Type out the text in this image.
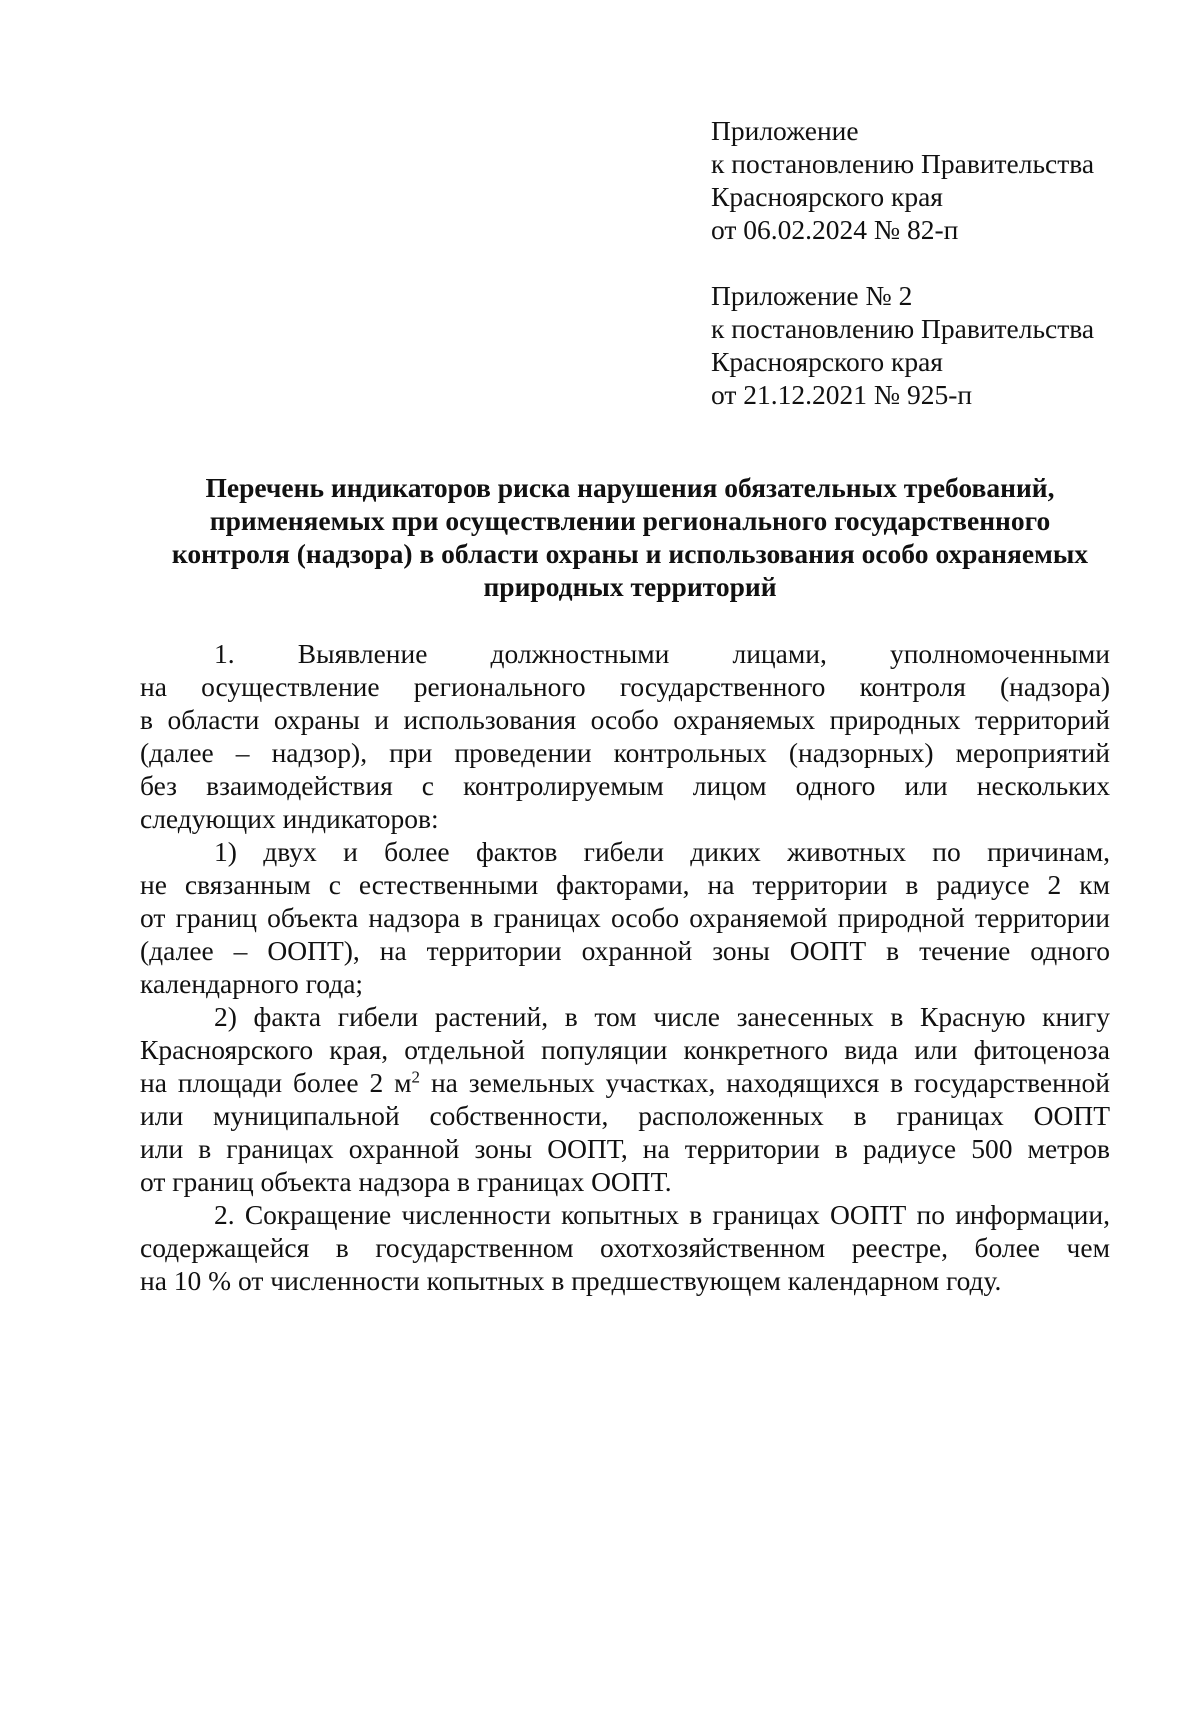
Приложение
к постановлению Правительства
Красноярского края
от 06.02.2024 № 82-п
Приложение № 2
к постановлению Правительства
Красноярского края
от 21.12.2021 № 925-п
Перечень индикаторов риска нарушения обязательных требований,
применяемых при осуществлении регионального государственного
контроля (надзора) в области охраны и использования особо охраняемых
природных территорий
1. Выявление должностными лицами, уполномоченными
на осуществление регионального государственного контроля (надзора)
в области охраны и использования особо охраняемых природных территорий
(далее – надзор), при проведении контрольных (надзорных) мероприятий
без взаимодействия с контролируемым лицом одного или нескольких
следующих индикаторов:
1) двух и более фактов гибели диких животных по причинам,
не связанным с естественными факторами, на территории в радиусе 2 км
от границ объекта надзора в границах особо охраняемой природной территории
(далее – ООПТ), на территории охранной зоны ООПТ в течение одного
календарного года;
2) факта гибели растений, в том числе занесенных в Красную книгу
Красноярского края, отдельной популяции конкретного вида или фитоценоза
на площади более 2 $м^2$ на земельных участках, находящихся в государственной
или муниципальной собственности, расположенных в границах ООПТ
или в границах охранной зоны ООПТ, на территории в радиусе 500 метров
от границ объекта надзора в границах ООПТ.
2. Сокращение численности копытных в границах ООПТ по информации,
содержащейся в государственном охотхозяйственном реестре, более чем
на 10 % от численности копытных в предшествующем календарном году.
